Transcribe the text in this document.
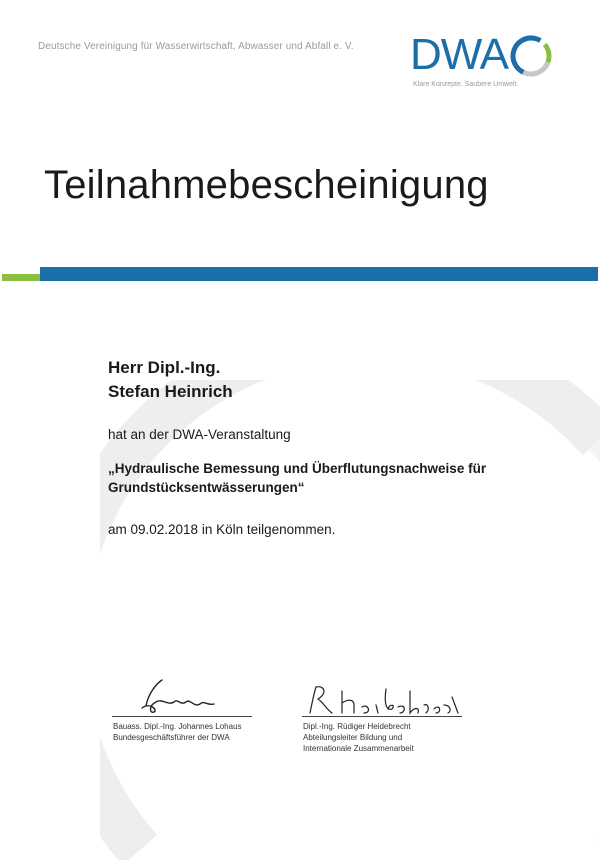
Deutsche Vereinigung für Wasserwirtschaft, Abwasser und Abfall e. V. DWA
Klare Konzepte. Saubere Umwelt.
Teilnahmebescheinigung
Herr Dipl.-Ing.
Stefan Heinrich
hat an der DWA-Veranstaltung
„Hydraulische Bemessung und Überflutungsnachweise für
Grundstücksentwässerungen“
am 09.02.2018 in Köln teilgenommen.
Bauass. Dipl.-Ing. Johannes Lohaus
Bundesgeschäftsführer der DWA
Dipl.-Ing. Rüdiger Heidebrecht
Abteilungsleiter Bildung und
Internationale Zusammenarbeit
